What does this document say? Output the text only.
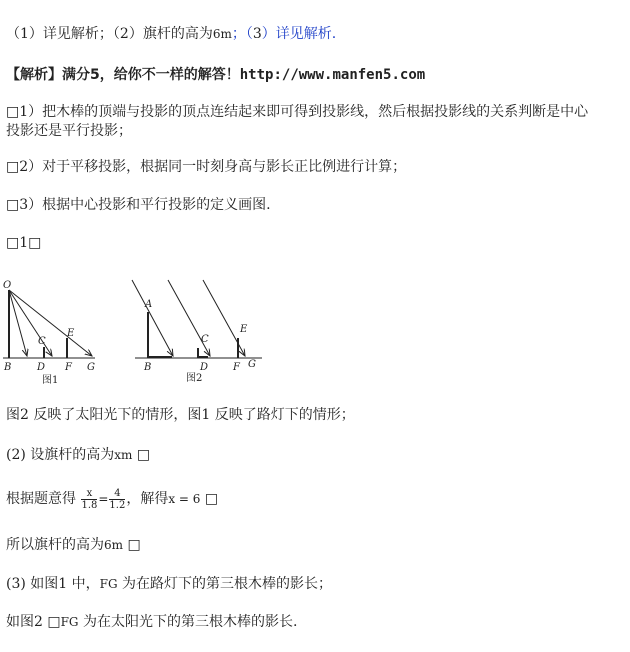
（1）详见解析；（2）旗杆的高为6m；（3）详见解析.
【解析】满分5，给你不一样的解答！http://www.manfen5.com
□1）把木棒的顶端与投影的顶点连结起来即可得到投影线，然后根据投影线的关系判断是中心
投影还是平行投影；
□2）对于平移投影，根据同一时刻身高与影长正比例进行计算；
□3）根据中心投影和平行投影的定义画图.
□1□
O
B
C
D
E
F G
图1
A
B
C
D
E
F G
图2
图2 反映了太阳光下的情形，图1 反映了路灯下的情形；
(2) 设旗杆的高为xm □
根据题意得 $\frac{x}{1.8} = \frac{4}{1.2}$ ，解得x = 6 □
所以旗杆的高为6m □
(3) 如图1 中，FG 为在路灯下的第三根木棒的影长；
如图2 □FG 为在太阳光下的第三根木棒的影长.
